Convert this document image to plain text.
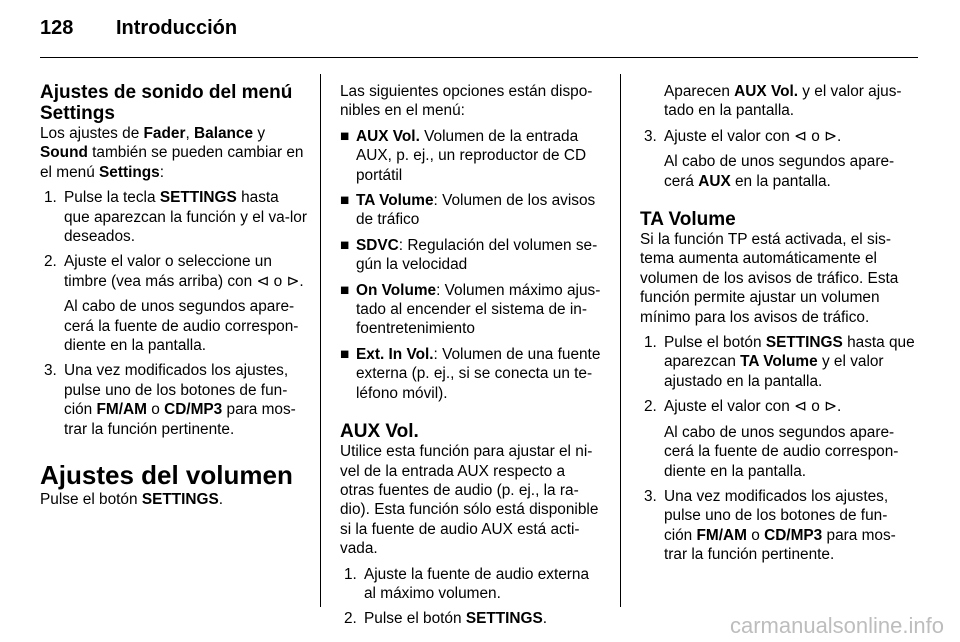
128 Introducción

Ajustes de sonido del menú Settings

Los ajustes de Fader, Balance y Sound también se pueden cambiar en el menú Settings:

1. Pulse la tecla SETTINGS hasta que aparezcan la función y el va‐lor deseados.
2. Ajuste el valor o seleccione un timbre (vea más arriba) con ⊲ o ⊳.

Al cabo de unos segundos apare‐cerá la fuente de audio correspon‐diente en la pantalla.

3. Una vez modificados los ajustes, pulse uno de los botones de fun‐ción FM/AM o CD/MP3 para mos‐trar la función pertinente.

Ajustes del volumen

Pulse el botón SETTINGS.

Las siguientes opciones están dispo‐nibles en el menú:

■ AUX Vol. Volumen de la entrada AUX, p. ej., un reproductor de CD portátil
■ TA Volume: Volumen de los avisos de tráfico
■ SDVC: Regulación del volumen se‐gún la velocidad
■ On Volume: Volumen máximo ajus‐tado al encender el sistema de in‐foentretenimiento
■ Ext. In Vol.: Volumen de una fuente externa (p. ej., si se conecta un te‐léfono móvil).

AUX Vol.

Utilice esta función para ajustar el ni‐vel de la entrada AUX respecto a otras fuentes de audio (p. ej., la ra‐dio). Esta función sólo está disponible si la fuente de audio AUX está acti‐vada.

1. Ajuste la fuente de audio externa al máximo volumen.
2. Pulse el botón SETTINGS.

Aparecen AUX Vol. y el valor ajus‐tado en la pantalla.

3. Ajuste el valor con ⊲ o ⊳.

Al cabo de unos segundos apare‐cerá AUX en la pantalla.

TA Volume

Si la función TP está activada, el sis‐tema aumenta automáticamente el volumen de los avisos de tráfico. Esta función permite ajustar un volumen mínimo para los avisos de tráfico.

1. Pulse el botón SETTINGS hasta que aparezcan TA Volume y el valor ajustado en la pantalla.
2. Ajuste el valor con ⊲ o ⊳.

Al cabo de unos segundos apare‐cerá la fuente de audio correspon‐diente en la pantalla.

3. Una vez modificados los ajustes, pulse uno de los botones de fun‐ción FM/AM o CD/MP3 para mos‐trar la función pertinente.
carmanualsonline.info
